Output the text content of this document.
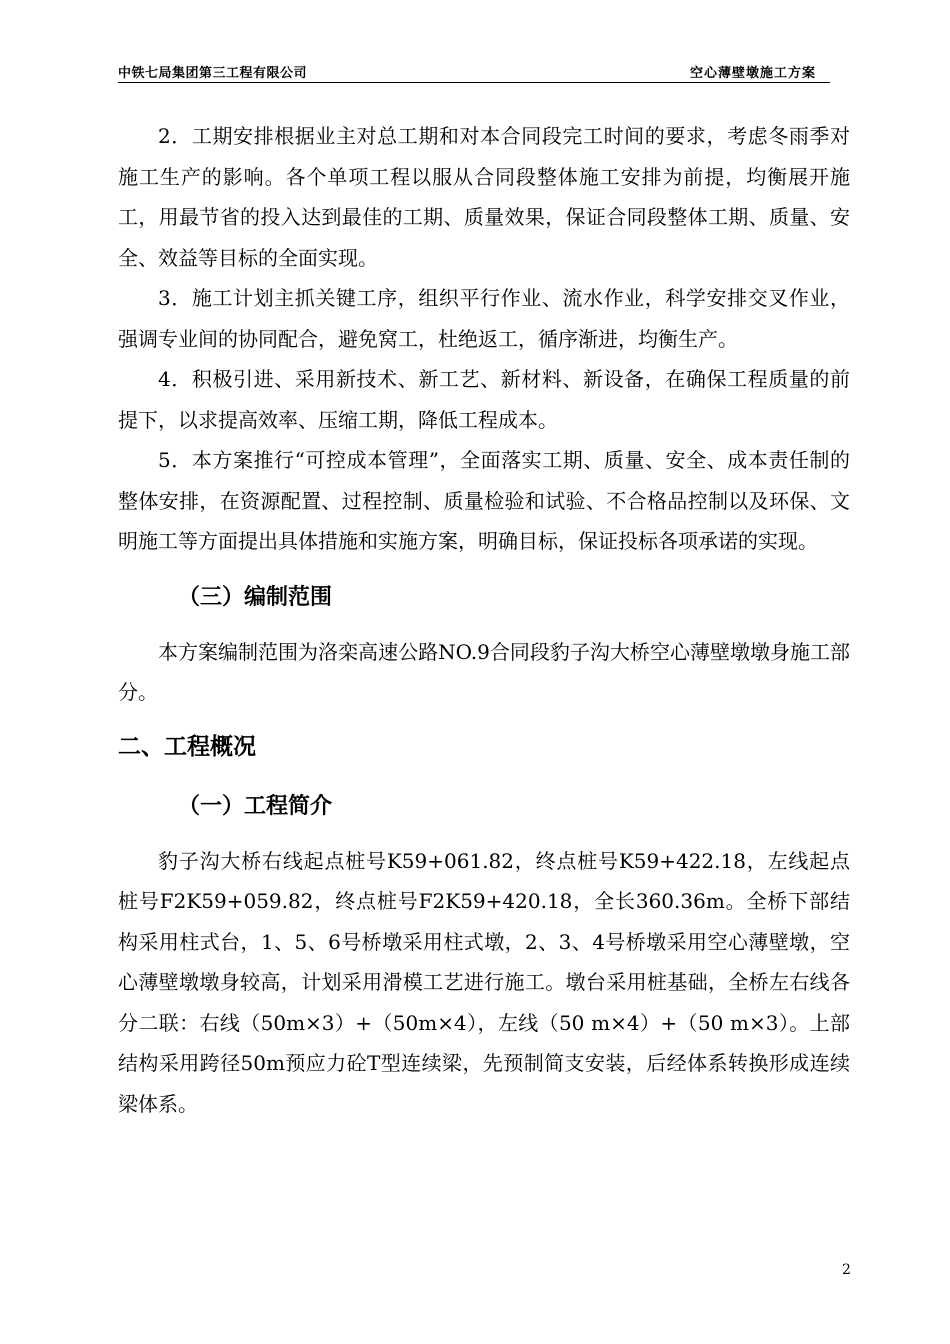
中铁七局集团第三工程有限公司	空心薄壁墩施工方案

2．工期安排根据业主对总工期和对本合同段完工时间的要求，考虑冬雨季对施工生产的影响。各个单项工程以服从合同段整体施工安排为前提，均衡展开施工，用最节省的投入达到最佳的工期、质量效果，保证合同段整体工期、质量、安全、效益等目标的全面实现。

3．施工计划主抓关键工序，组织平行作业、流水作业，科学安排交叉作业，强调专业间的协同配合，避免窝工，杜绝返工，循序渐进，均衡生产。

4．积极引进、采用新技术、新工艺、新材料、新设备，在确保工程质量的前提下，以求提高效率、压缩工期，降低工程成本。

5．本方案推行“可控成本管理”，全面落实工期、质量、安全、成本责任制的整体安排，在资源配置、过程控制、质量检验和试验、不合格品控制以及环保、文明施工等方面提出具体措施和实施方案，明确目标，保证投标各项承诺的实现。

（三）编制范围

本方案编制范围为洛栾高速公路NO.9合同段豹子沟大桥空心薄壁墩墩身施工部分。

二、工程概况
（一）工程简介

豹子沟大桥右线起点桩号K59+061.82，终点桩号K59+422.18，左线起点桩号F2K59+059.82，终点桩号F2K59+420.18，全长360.36m。全桥下部结构采用柱式台，1、5、6号桥墩采用柱式墩，2、3、4号桥墩采用空心薄壁墩，空心薄壁墩墩身较高，计划采用滑模工艺进行施工。墩台采用桩基础，全桥左右线各分二联：右线（50m×3）+（50m×4），左线（50 m×4）+（50 m×3）。上部结构采用跨径50m预应力砼T型连续梁，先预制简支安装，后经体系转换形成连续梁体系。

2
